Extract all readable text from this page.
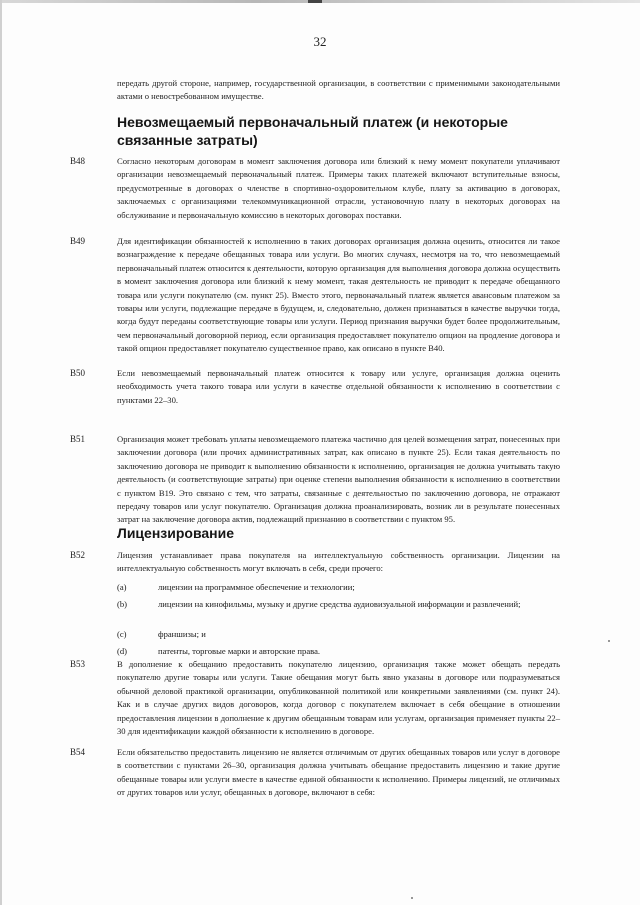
32
передать другой стороне, например, государственной организации, в соответствии с применимыми законодательными актами о невостребованном имуществе.
Невозмещаемый первоначальный платеж (и некоторые связанные затраты)
B48	Согласно некоторым договорам в момент заключения договора или близкий к нему момент покупатели уплачивают организации невозмещаемый первоначальный платеж. Примеры таких платежей включают вступительные взносы, предусмотренные в договорах о членстве в спортивно-оздоровительном клубе, плату за активацию в договорах, заключаемых с организациями телекоммуникационной отрасли, установочную плату в некоторых договорах на обслуживание и первоначальную комиссию в некоторых договорах поставки.
B49	Для идентификации обязанностей к исполнению в таких договорах организация должна оценить, относится ли такое вознаграждение к передаче обещанных товара или услуги. Во многих случаях, несмотря на то, что невозмещаемый первоначальный платеж относится к деятельности, которую организация для выполнения договора должна осуществить в момент заключения договора или близкий к нему момент, такая деятельность не приводит к передаче обещанного товара или услуги покупателю (см. пункт 25). Вместо этого, первоначальный платеж является авансовым платежом за товары или услуги, подлежащие передаче в будущем, и, следовательно, должен признаваться в качестве выручки тогда, когда будут переданы соответствующие товары или услуги. Период признания выручки будет более продолжительным, чем первоначальный договорной период, если организация предоставляет покупателю опцион на продление договора и такой опцион предоставляет покупателю существенное право, как описано в пункте B40.
B50	Если невозмещаемый первоначальный платеж относится к товару или услуге, организация должна оценить необходимость учета такого товара или услуги в качестве отдельной обязанности к исполнению в соответствии с пунктами 22–30.
B51	Организация может требовать уплаты невозмещаемого платежа частично для целей возмещения затрат, понесенных при заключении договора (или прочих административных затрат, как описано в пункте 25). Если такая деятельность по заключению договора не приводит к выполнению обязанности к исполнению, организация не должна учитывать такую деятельность (и соответствующие затраты) при оценке степени выполнения обязанности к исполнению в соответствии с пунктом B19. Это связано с тем, что затраты, связанные с деятельностью по заключению договора, не отражают передачу товаров или услуг покупателю. Организация должна проанализировать, возник ли в результате понесенных затрат на заключение договора актив, подлежащий признанию в соответствии с пунктом 95.
Лицензирование
B52	Лицензия устанавливает права покупателя на интеллектуальную собственность организации. Лицензии на интеллектуальную собственность могут включать в себя, среди прочего:
(a)	лицензии на программное обеспечение и технологии;
(b)	лицензии на кинофильмы, музыку и другие средства аудиовизуальной информации и развлечений;
(c)	франшизы; и
(d)	патенты, торговые марки и авторские права.
B53	В дополнение к обещанию предоставить покупателю лицензию, организация также может обещать передать покупателю другие товары или услуги. Такие обещания могут быть явно указаны в договоре или подразумеваться обычной деловой практикой организации, опубликованной политикой или конкретными заявлениями (см. пункт 24). Как и в случае других видов договоров, когда договор с покупателем включает в себя обещание в отношении предоставления лицензии в дополнение к другим обещанным товарам или услугам, организация применяет пункты 22–30 для идентификации каждой обязанности к исполнению в договоре.
B54	Если обязательство предоставить лицензию не является отличимым от других обещанных товаров или услуг в договоре в соответствии с пунктами 26–30, организация должна учитывать обещание предоставить лицензию и такие другие обещанные товары или услуги вместе в качестве единой обязанности к исполнению. Примеры лицензий, не отличимых от других товаров или услуг, обещанных в договоре, включают в себя:
